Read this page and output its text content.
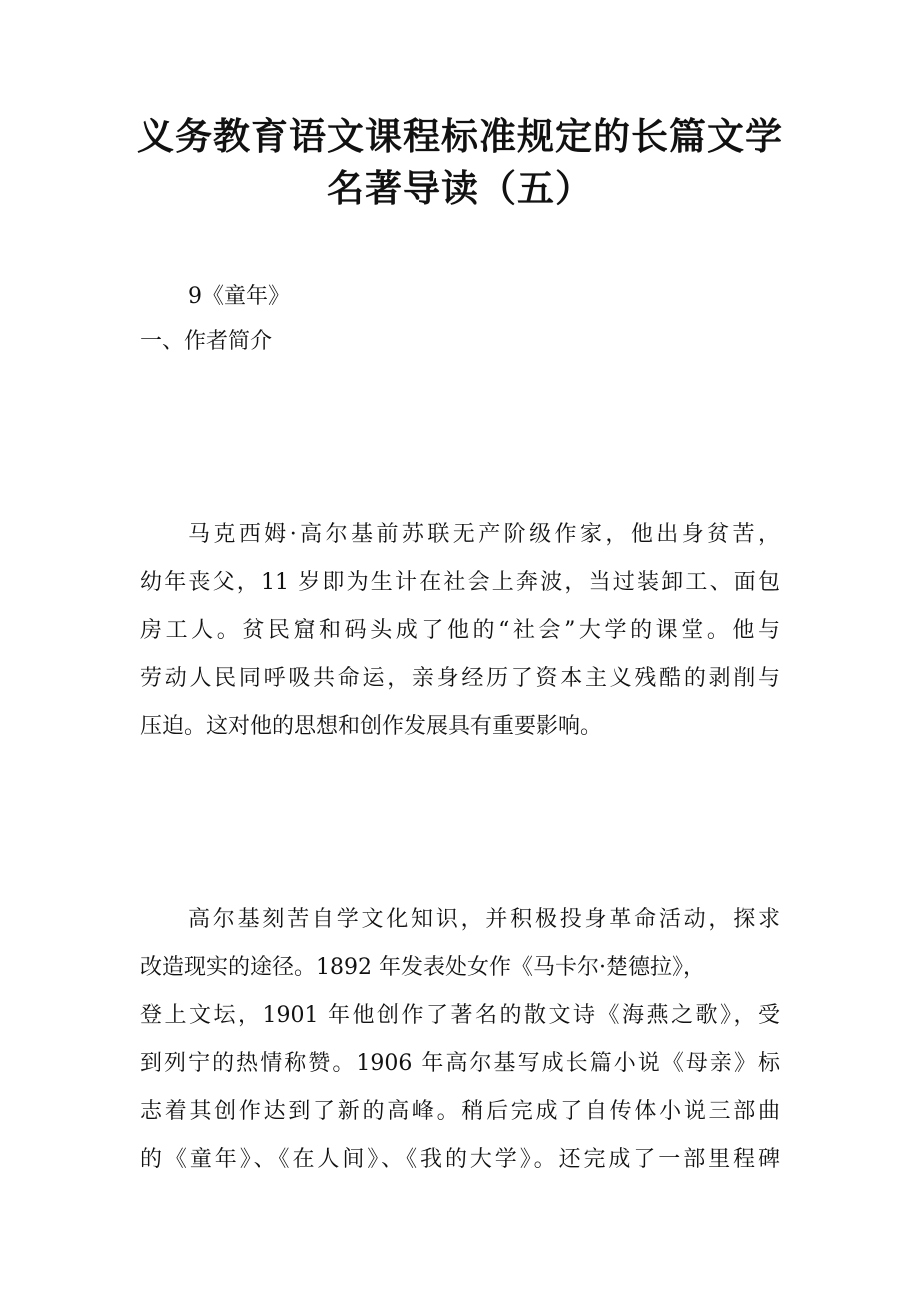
义务教育语文课程标准规定的长篇文学
名著导读（五）
9《童年》
一、作者简介
马克西姆·高尔基前苏联无产阶级作家，他出身贫苦，
幼年丧父，11 岁即为生计在社会上奔波，当过装卸工、面包
房工人。贫民窟和码头成了他的“社会”大学的课堂。他与
劳动人民同呼吸共命运，亲身经历了资本主义残酷的剥削与
压迫。这对他的思想和创作发展具有重要影响。
高尔基刻苦自学文化知识，并积极投身革命活动，探求
改造现实的途径。1892 年发表处女作《马卡尔·楚德拉》，
登上文坛，1901 年他创作了著名的散文诗《海燕之歌》，受
到列宁的热情称赞。1906 年高尔基写成长篇小说《母亲》标
志着其创作达到了新的高峰。稍后完成了自传体小说三部曲
的《童年》、《在人间》、《我的大学》。还完成了一部里程碑
